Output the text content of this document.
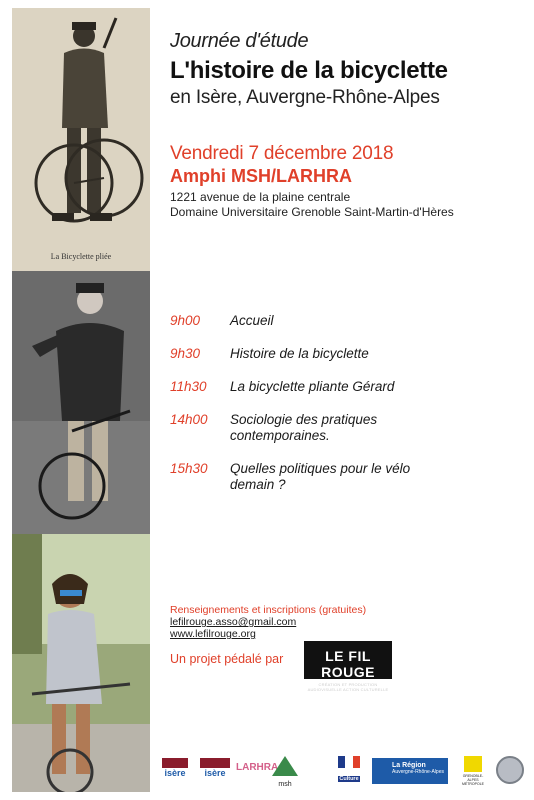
La Bicyclette pliée
Journée d'étude
L'histoire de la bicyclette
en Isère, Auvergne-Rhône-Alpes
Vendredi 7 décembre 2018
Amphi MSH/LARHRA
1221 avenue de la plaine centrale
Domaine Universitaire Grenoble Saint-Martin-d'Hères
9h00	Accueil
9h30	Histoire de la bicyclette
11h30	La bicyclette pliante Gérard
14h00	Sociologie des pratiques
contemporaines.
15h30	Quelles politiques pour le vélo
demain ?
Renseignements et inscriptions (gratuites)
lefilrouge.asso@gmail.com
www.lefilrouge.org
Un projet pédalé par	LE FIL ROUGE
CRÉATION ET PRODUCTION AUDIOVISUELLE ACTION CULTURELLE
isère	isère	LARHRA
msh
Culture
La Région
Auvergne-Rhône-Alpes
GRENOBLE-ALPES MÉTROPOLE
